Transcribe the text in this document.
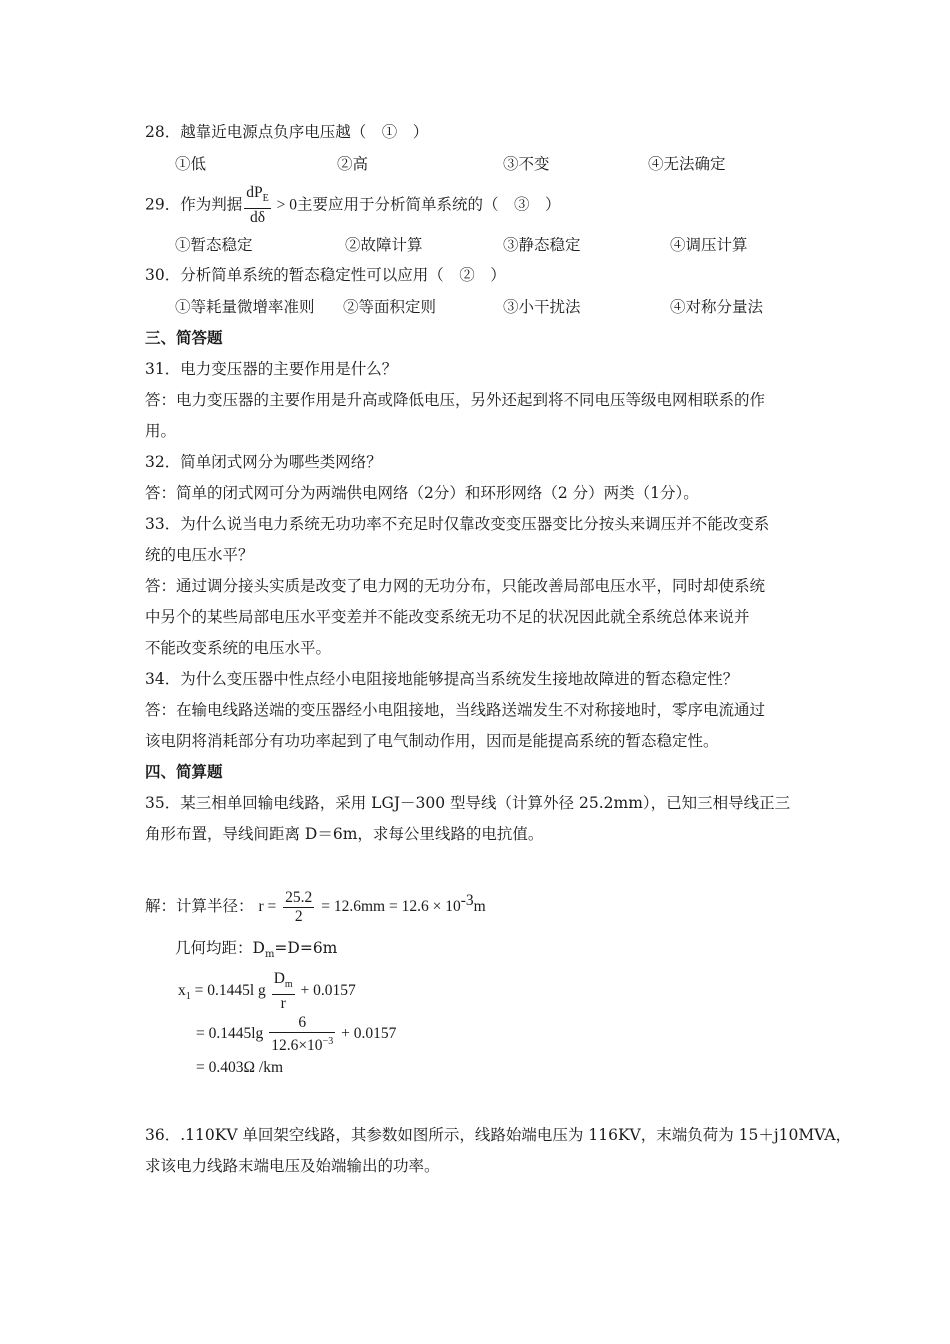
28．越靠近电源点负序电压越（　①　）
①低	②高	③不变	④无法确定
29．作为判据 $\frac{dP_E}{d\delta} > 0$主要应用于分析简单系统的（　③　）
①暂态稳定	②故障计算	③静态稳定	④调压计算
30．分析简单系统的暂态稳定性可以应用（　②　）
①等耗量微增率准则 ②等面积定则	③小干扰法	④对称分量法
三、简答题
31．电力变压器的主要作用是什么？
答：电力变压器的主要作用是升高或降低电压，另外还起到将不同电压等级电网相联系的作
用。
32．简单闭式网分为哪些类网络？
答：简单的闭式网可分为两端供电网络（2分）和环形网络（2 分）两类（1分）。
33．为什么说当电力系统无功功率不充足时仅靠改变变压器变比分按头来调压并不能改变系
统的电压水平？
答：通过调分接头实质是改变了电力网的无功分布，只能改善局部电压水平，同时却使系统
中另个的某些局部电压水平变差并不能改变系统无功不足的状况因此就全系统总体来说并
不能改变系统的电压水平。
34．为什么变压器中性点经小电阻接地能够提高当系统发生接地故障进的暂态稳定性？
答：在输电线路送端的变压器经小电阻接地，当线路送端发生不对称接地时，零序电流通过
该电阴将消耗部分有功功率起到了电气制动作用，因而是能提高系统的暂态稳定性。
四、简算题
35．某三相单回输电线路，采用 LGJ－300 型导线（计算外径 25.2mm），已知三相导线正三
角形布置，导线间距离 D＝6m，求每公里线路的电抗值。
解：计算半径： $r = \frac{25.2}{2} = 12.6mm = 12.6 \times 10^{-3}m$
几何均距：$D_m=D=6m$
$x_1 = 0.1445l$ g $\frac{D_m}{r} + 0.0157$
= $0.1445\lg \frac{6}{12.6\times 10^{-3}} + 0.0157$
= 0.403Ω /km
36．.110KV 单回架空线路，其参数如图所示，线路始端电压为 116KV，末端负荷为 15＋j10MVA，
求该电力线路末端电压及始端输出的功率。
